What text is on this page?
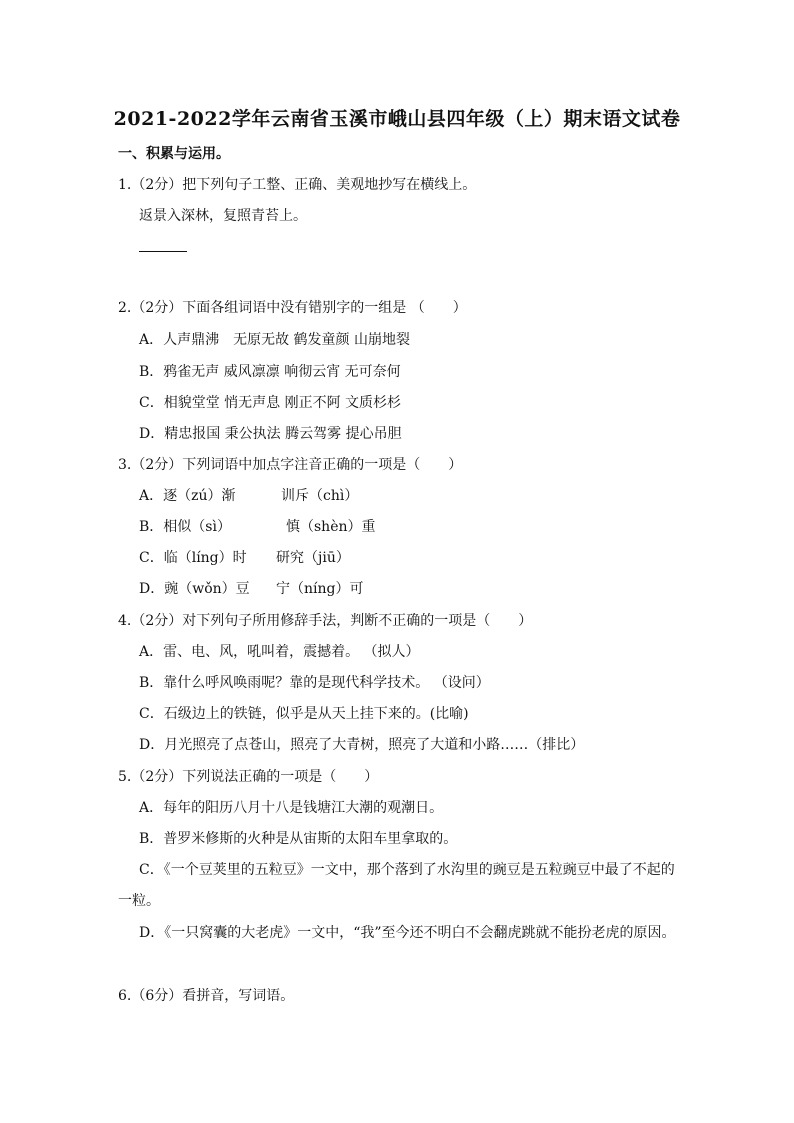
2021-2022学年云南省玉溪市峨山县四年级（上）期末语文试卷
一、积累与运用。
1.（2分）把下列句子工整、正确、美观地抄写在横线上。
返景入深林，复照青苔上。
2.（2分）下面各组词语中没有错别字的一组是 （　　）
A．人声鼎沸　无原无故 鹤发童颜 山崩地裂
B．鸦雀无声 威风凛凛 响彻云宵 无可奈何
C．相貌堂堂 悄无声息 刚正不阿 文质杉杉
D．精忠报国 秉公执法 腾云驾雾 提心吊胆
3.（2分）下列词语中加点字注音正确的一项是（　　）
A．逐（zú）渐	训斥（chì）
B．相似（sì）	慎（shèn）重
C．临（líng）时 研究（jiū）
D．豌（wǒn）豆 宁（níng）可
4.（2分）对下列句子所用修辞手法，判断不正确的一项是（　　）
A．雷、电、风，吼叫着，震撼着。 （拟人）
B．靠什么呼风唤雨呢？靠的是现代科学技术。 （设问）
C．石级边上的铁链，似乎是从天上挂下来的。(比喻)
D．月光照亮了点苍山，照亮了大青树，照亮了大道和小路……（排比）
5.（2分）下列说法正确的一项是（　　）
A．每年的阳历八月十八是钱塘江大潮的观潮日。
B．普罗米修斯的火种是从宙斯的太阳车里拿取的。
C．《一个豆荚里的五粒豆》一文中，那个落到了水沟里的豌豆是五粒豌豆中最了不起的
一粒。
D．《一只窝囊的大老虎》一文中，“我”至今还不明白不会翻虎跳就不能扮老虎的原因。
6.（6分）看拼音，写词语。
